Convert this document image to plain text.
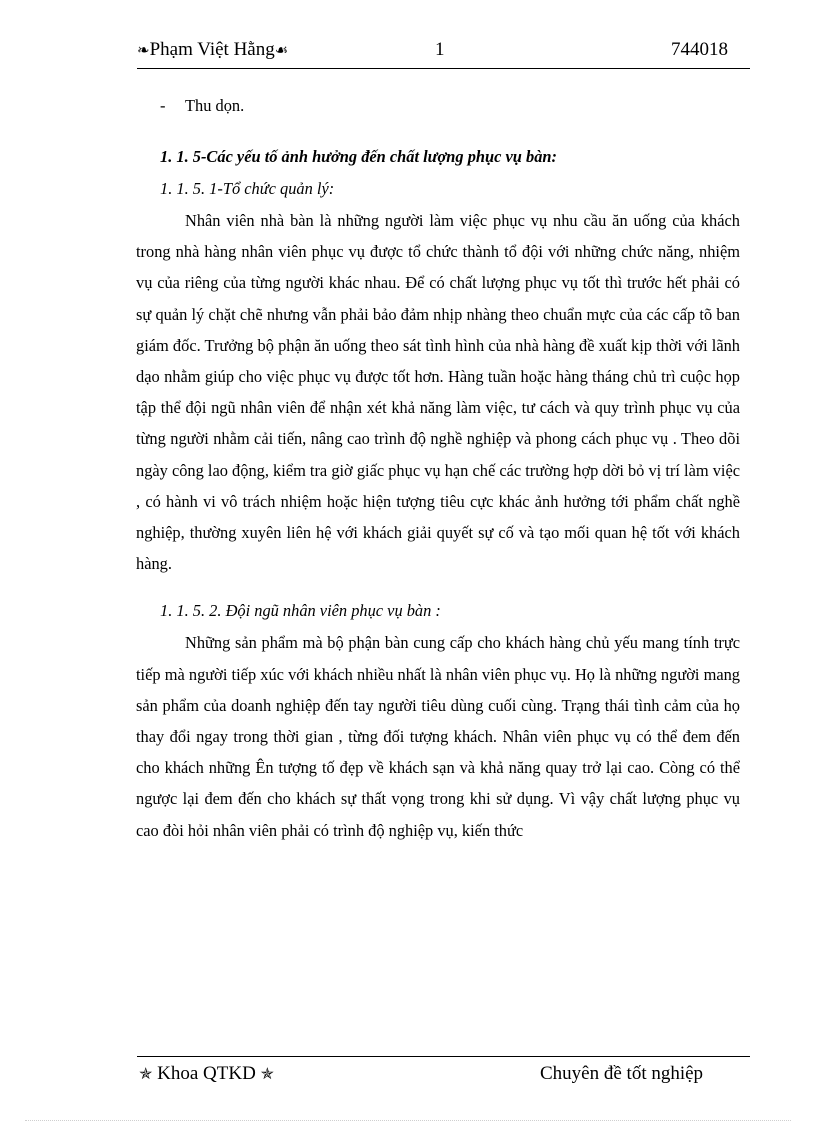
❧Phạm Việt Hằng☙	1	744018
- Thu dọn.
1. 1. 5-Các yếu tố ảnh hưởng đến chất lượng phục vụ bàn:
1. 1. 5. 1-Tổ chức quản lý:

Nhân viên nhà bàn là những người làm việc phục vụ nhu cầu ăn uống của khách trong nhà hàng nhân viên phục vụ được tổ chức thành tổ đội với những chức năng, nhiệm vụ của riêng của từng người khác nhau. Để có chất lượng phục vụ tốt thì trước hết phải có sự quản lý chặt chẽ nhưng vẫn phải bảo đảm nhịp nhàng theo chuẩn mực của các cấp tõ ban giám đốc. Trưởng bộ phận ăn uống theo sát tình hình của nhà hàng đề xuất kịp thời với lãnh dạo nhằm giúp cho việc phục vụ được tốt hơn. Hàng tuần hoặc hàng tháng chủ trì cuộc họp tập thể đội ngũ nhân viên để nhận xét khả năng làm việc, tư cách và quy trình phục vụ của từng người nhằm cải tiến, nâng cao trình độ nghề nghiệp và phong cách phục vụ . Theo dõi ngày công lao động, kiểm tra giờ giấc phục vụ hạn chế các trường hợp dời bỏ vị trí làm việc , có hành vi vô trách nhiệm hoặc hiện tượng tiêu cực khác ảnh hưởng tới phẩm chất nghề nghiệp, thường xuyên liên hệ với khách giải quyết sự cố và tạo mối quan hệ tốt với khách hàng.

1. 1. 5. 2. Đội ngũ nhân viên phục vụ bàn :

Những sản phẩm mà bộ phận bàn cung cấp cho khách hàng chủ yếu mang tính trực tiếp mà người tiếp xúc với khách nhiều nhất là nhân viên phục vụ. Họ là những người mang sản phẩm của doanh nghiệp đến tay người tiêu dùng cuối cùng. Trạng thái tình cảm của họ thay đổi ngay trong thời gian , từng đối tượng khách. Nhân viên phục vụ có thể đem đến cho khách những Ên tượng tố đẹp về khách sạn và khả năng quay trở lại cao. Còng có thể ngược lại đem đến cho khách sự thất vọng trong khi sử dụng. Vì vậy chất lượng phục vụ cao đòi hỏi nhân viên phải có trình độ nghiệp vụ, kiến thức

✯ Khoa QTKD ✯	Chuyên đề tốt nghiệp
